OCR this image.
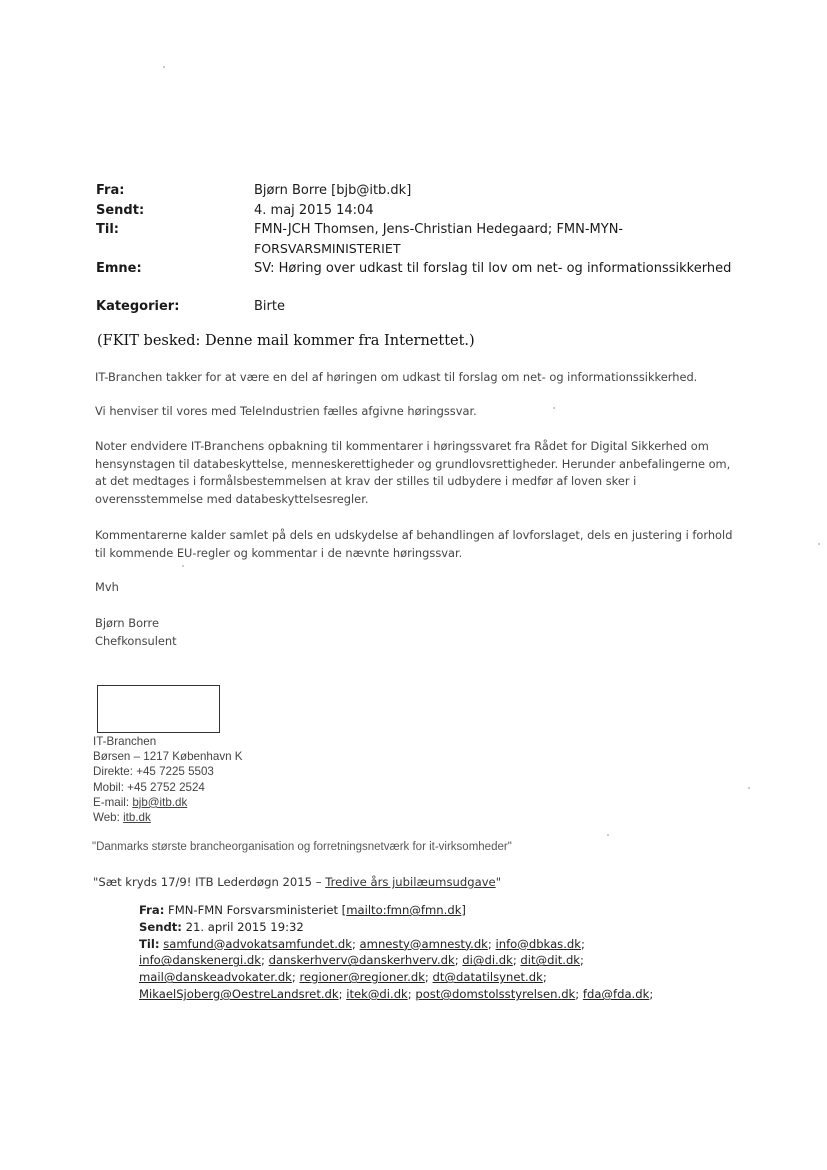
Fra:	Bjørn Borre [bjb@itb.dk]
Sendt:	4. maj 2015 14:04
Til:	FMN-JCH Thomsen, Jens-Christian Hedegaard; FMN-MYN-
FORSVARSMINISTERIET
Emne:	SV: Høring over udkast til forslag til lov om net- og informationssikkerhed
Kategorier:	Birte
(FKIT besked: Denne mail kommer fra Internettet.)
IT-Branchen takker for at være en del af høringen om udkast til forslag om net- og informationssikkerhed.
Vi henviser til vores med TeleIndustrien fælles afgivne høringssvar.
Noter endvidere IT-Branchens opbakning til kommentarer i høringssvaret fra Rådet for Digital Sikkerhed om
hensynstagen til databeskyttelse, menneskerettigheder og grundlovsrettigheder. Herunder anbefalingerne om,
at det medtages i formålsbestemmelsen at krav der stilles til udbydere i medfør af loven sker i
overensstemmelse med databeskyttelsesregler.
Kommentarerne kalder samlet på dels en udskydelse af behandlingen af lovforslaget, dels en justering i forhold
til kommende EU-regler og kommentar i de nævnte høringssvar.
Mvh
Bjørn Borre
Chefkonsulent
IT-Branchen
Børsen – 1217 København K
Direkte: +45 7225 5503
Mobil: +45 2752 2524
E-mail: bjb@itb.dk
Web: itb.dk
"Danmarks største brancheorganisation og forretningsnetværk for it-virksomheder"
"Sæt kryds 17/9! ITB Lederdøgn 2015 – Tredive års jubilæumsudgave"
Fra: FMN-FMN Forsvarsministeriet [mailto:fmn@fmn.dk]
Sendt: 21. april 2015 19:32
Til: samfund@advokatsamfundet.dk; amnesty@amnesty.dk; info@dbkas.dk;
info@danskenergi.dk; danskerhverv@danskerhverv.dk; di@di.dk; dit@dit.dk;
mail@danskeadvokater.dk; regioner@regioner.dk; dt@datatilsynet.dk;
MikaelSjoberg@OestreLandsret.dk; itek@di.dk; post@domstolsstyrelsen.dk; fda@fda.dk;
